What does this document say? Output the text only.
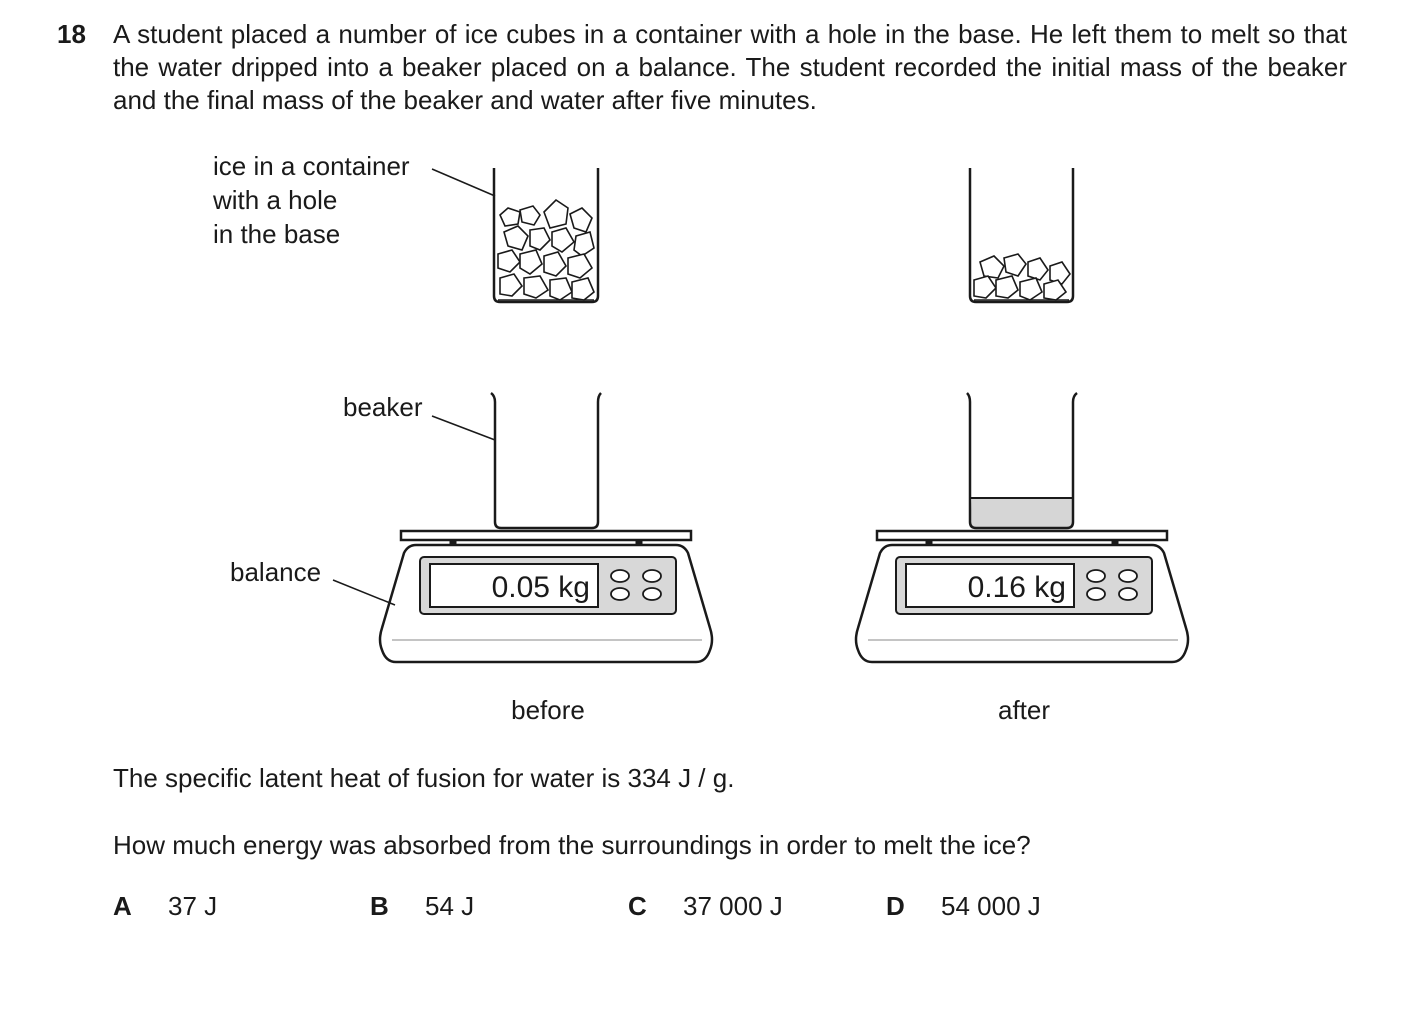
18 A student placed a number of ice cubes in a container with a hole in the base. He left them to melt so that the water dripped into a beaker placed on a balance. The student recorded the initial mass of the beaker and the final mass of the beaker and water after five minutes.
ice in a container
with a hole
in the base
beaker
0.05 kg
balance
before
0.16 kg
after
The specific latent heat of fusion for water is 334 J / g.
How much energy was absorbed from the surroundings in order to melt the ice?
A	37 J	B	54 J	C	37 000 J	D	54 000 J
